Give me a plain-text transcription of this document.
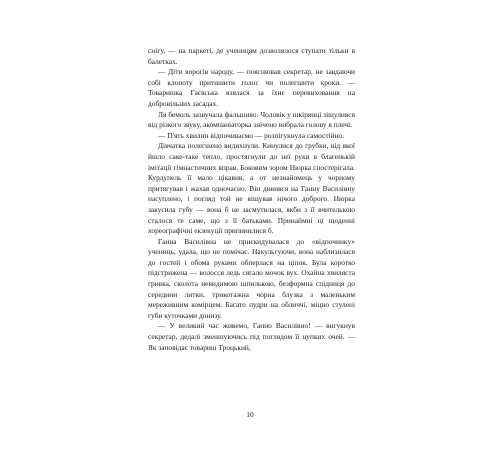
снігу, — на паркеті, де ученицям дозволялося ступати тільки в балетках.

— Діти ворогів народу, — пояснював секретар, не завдаючи собі клопоту притишити голос чи полегшити кроки. — Товаришка Гаєвська взялася за їхнє перевиховання на добровільних засадах.

Ля бемоль зазвучала фальшиво. Чоловік у шкірянці зіщулився від різкого звуку, акомпаніаторка знічено вибрала голову в плечі.

— П'ять хвилин відпочиваємо — розпігукнула самостійно.

Дівчатка полегшено видихнули. Кинулися до грубки, від якої йшло саке-таке тепло, простягнули до неї руки в благенькій імітації гімнастичних вправ. Боковим зором Нюрка спостерігала. Курдупель її мало цікавив, а от незнайомець у чорному притягував і жахав одночасно. Він дивився на Ганну Василівну насуплено, і погляд той не віщував нічого доброго. Нюрка закусила губу — вона б не засмутилася, якби з її вчителькою сталося те саме, що з її батьками. Принаймні ці щоденні хореографічні екзекуції припинилися б.

Ганна Василівна не приєкидувалася до «відпочинку» учениць, удала, що не помічає. Накульгуючи, вона наблизилася до гостей і обома руками обперлася на ціпок. Була коротко підстрижена — волосся ледь сягало мочок вух. Охайна хвиляста гривка, сколота невидимою шпилькою, безформна спідниця до середини литки, трикотажна чорна блузка з маленьким мереживним комірцем. Багато пудри на обличчі, міцно стулені губи куточками донизу.

— У великий час живемо, Ганно Василівно! — вигукнув секретар, дедалі зменшуючись під поглядом її цупких очей. — Як заповідає товариш Троцький,

10
